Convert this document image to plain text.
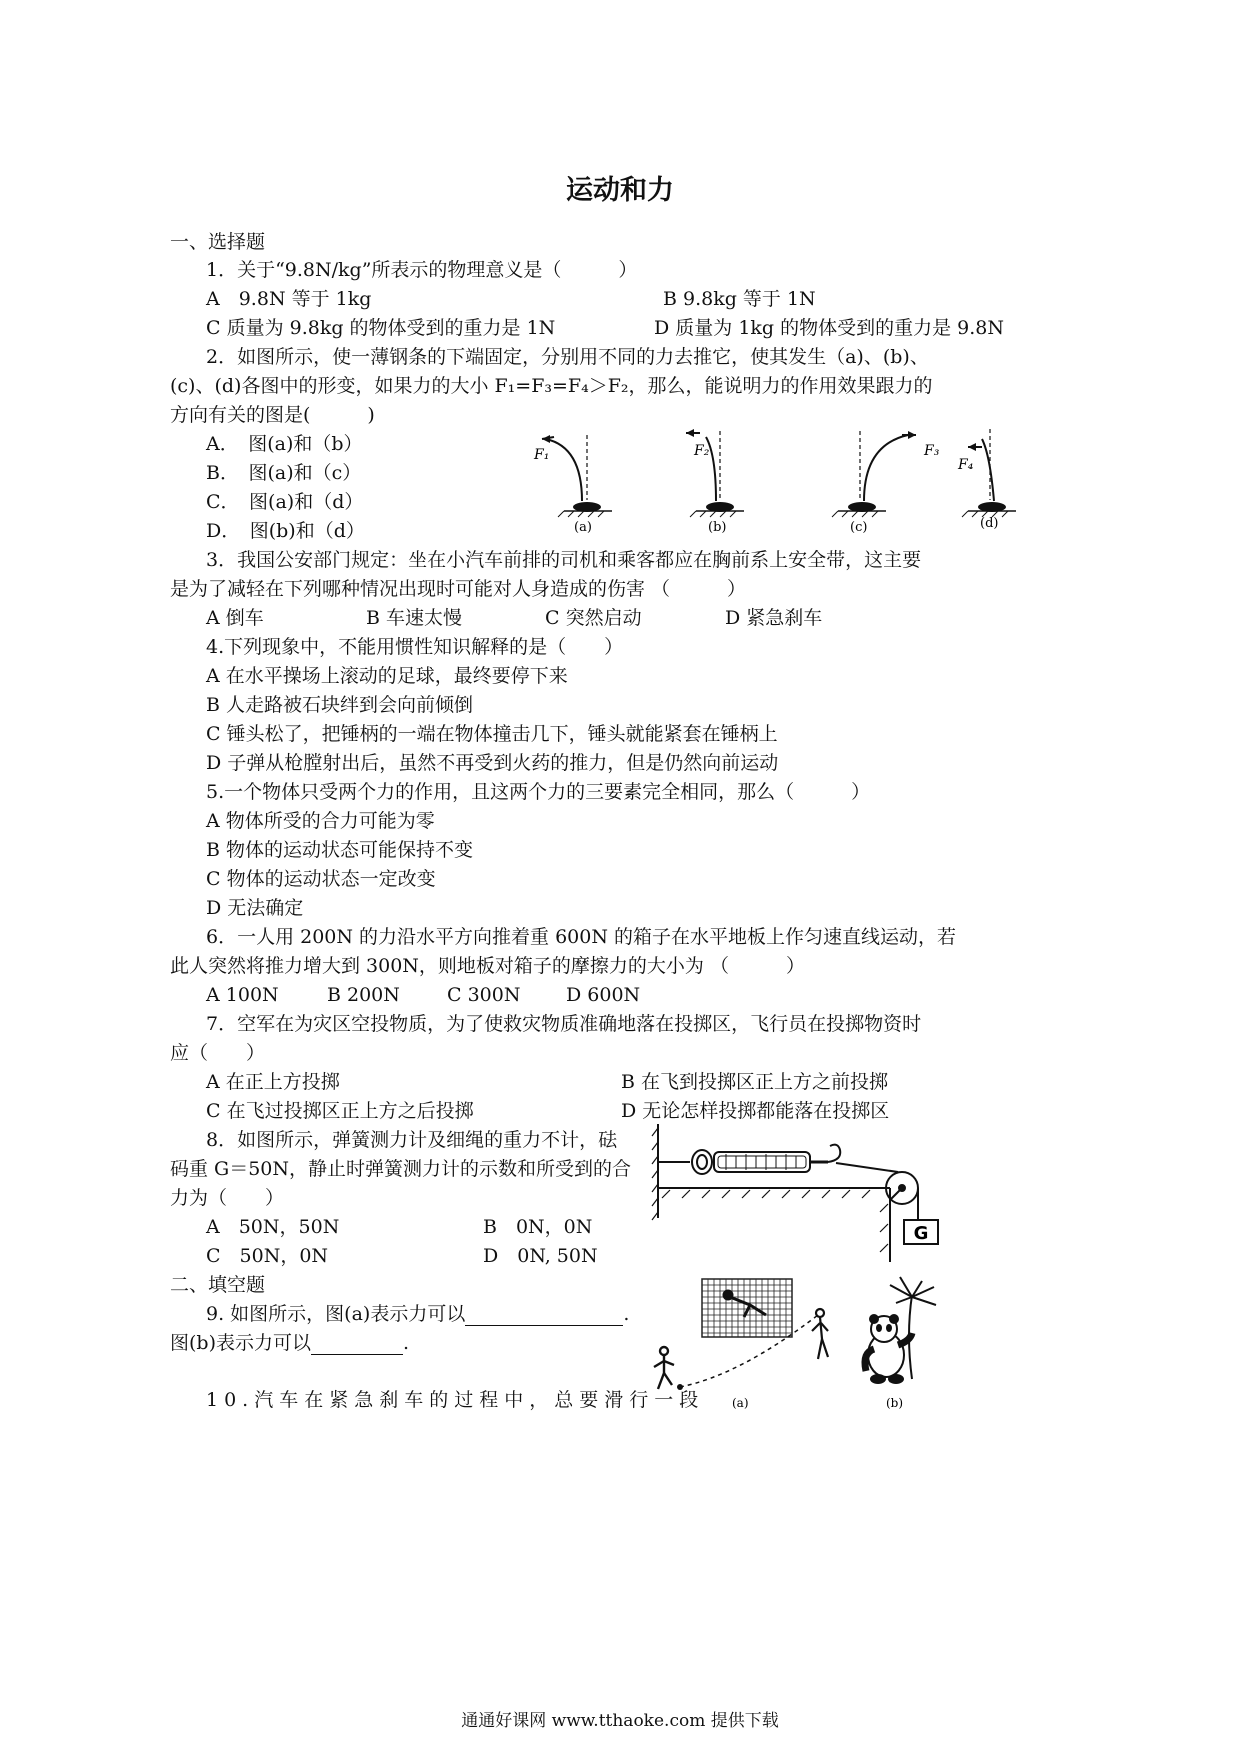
运动和力
一、选择题
1．关于“9.8N/kg”所表示的物理意义是（　　　）
A　9.8N 等于 1kg	B 9.8kg 等于 1N
C 质量为 9.8kg 的物体受到的重力是 1N	D 质量为 1kg 的物体受到的重力是 9.8N
2．如图所示，使一薄钢条的下端固定，分别用不同的力去推它，使其发生（a)、(b)、
(c)、(d)各图中的形变，如果力的大小 F₁=F₃=F₄＞F₂，那么，能说明力的作用效果跟力的
方向有关的图是(　　　)
A．　图(a)和（b）
B．　图(a)和（c）
C．　图(a)和（d）
D．　图(b)和（d）
F₁	F₂	F₃
F₄
(a)	(b)	(c)	(d)
3．我国公安部门规定：坐在小汽车前排的司机和乘客都应在胸前系上安全带，这主要
是为了减轻在下列哪种情况出现时可能对人身造成的伤害 （　　　）
A 倒车	B 车速太慢	C 突然启动	D 紧急刹车
4.下列现象中，不能用惯性知识解释的是（　　）
A 在水平操场上滚动的足球，最终要停下来
B 人走路被石块绊到会向前倾倒
C 锤头松了，把锤柄的一端在物体撞击几下，锤头就能紧套在锤柄上
D 子弹从枪膛射出后，虽然不再受到火药的推力，但是仍然向前运动
5.一个物体只受两个力的作用，且这两个力的三要素完全相同，那么（　　　）
A 物体所受的合力可能为零
B 物体的运动状态可能保持不变
C 物体的运动状态一定改变
D 无法确定
6．一人用 200N 的力沿水平方向推着重 600N 的箱子在水平地板上作匀速直线运动，若
此人突然将推力增大到 300N，则地板对箱子的摩擦力的大小为 （　　　）
A 100N	B 200N C 300N D 600N
7．空军在为灾区空投物质，为了使救灾物质准确地落在投掷区，飞行员在投掷物资时
应（　　）
A 在正上方投掷	B 在飞到投掷区正上方之前投掷
C 在飞过投掷区正上方之后投掷	D 无论怎样投掷都能落在投掷区
8．如图所示，弹簧测力计及细绳的重力不计，砝
码重 G＝50N，静止时弹簧测力计的示数和所受到的合
力为（　　）
A　50N，50N	B　0N，0N
C　50N，0N	D　0N, 50N
G
二、填空题
9. 如图所示，图(a)表示力可以	.
图(b)表示力可以	.
(a)	(b)
10.汽车在紧急刹车的过程中，总要滑行一段
通通好课网 www.tthaoke.com 提供下载
